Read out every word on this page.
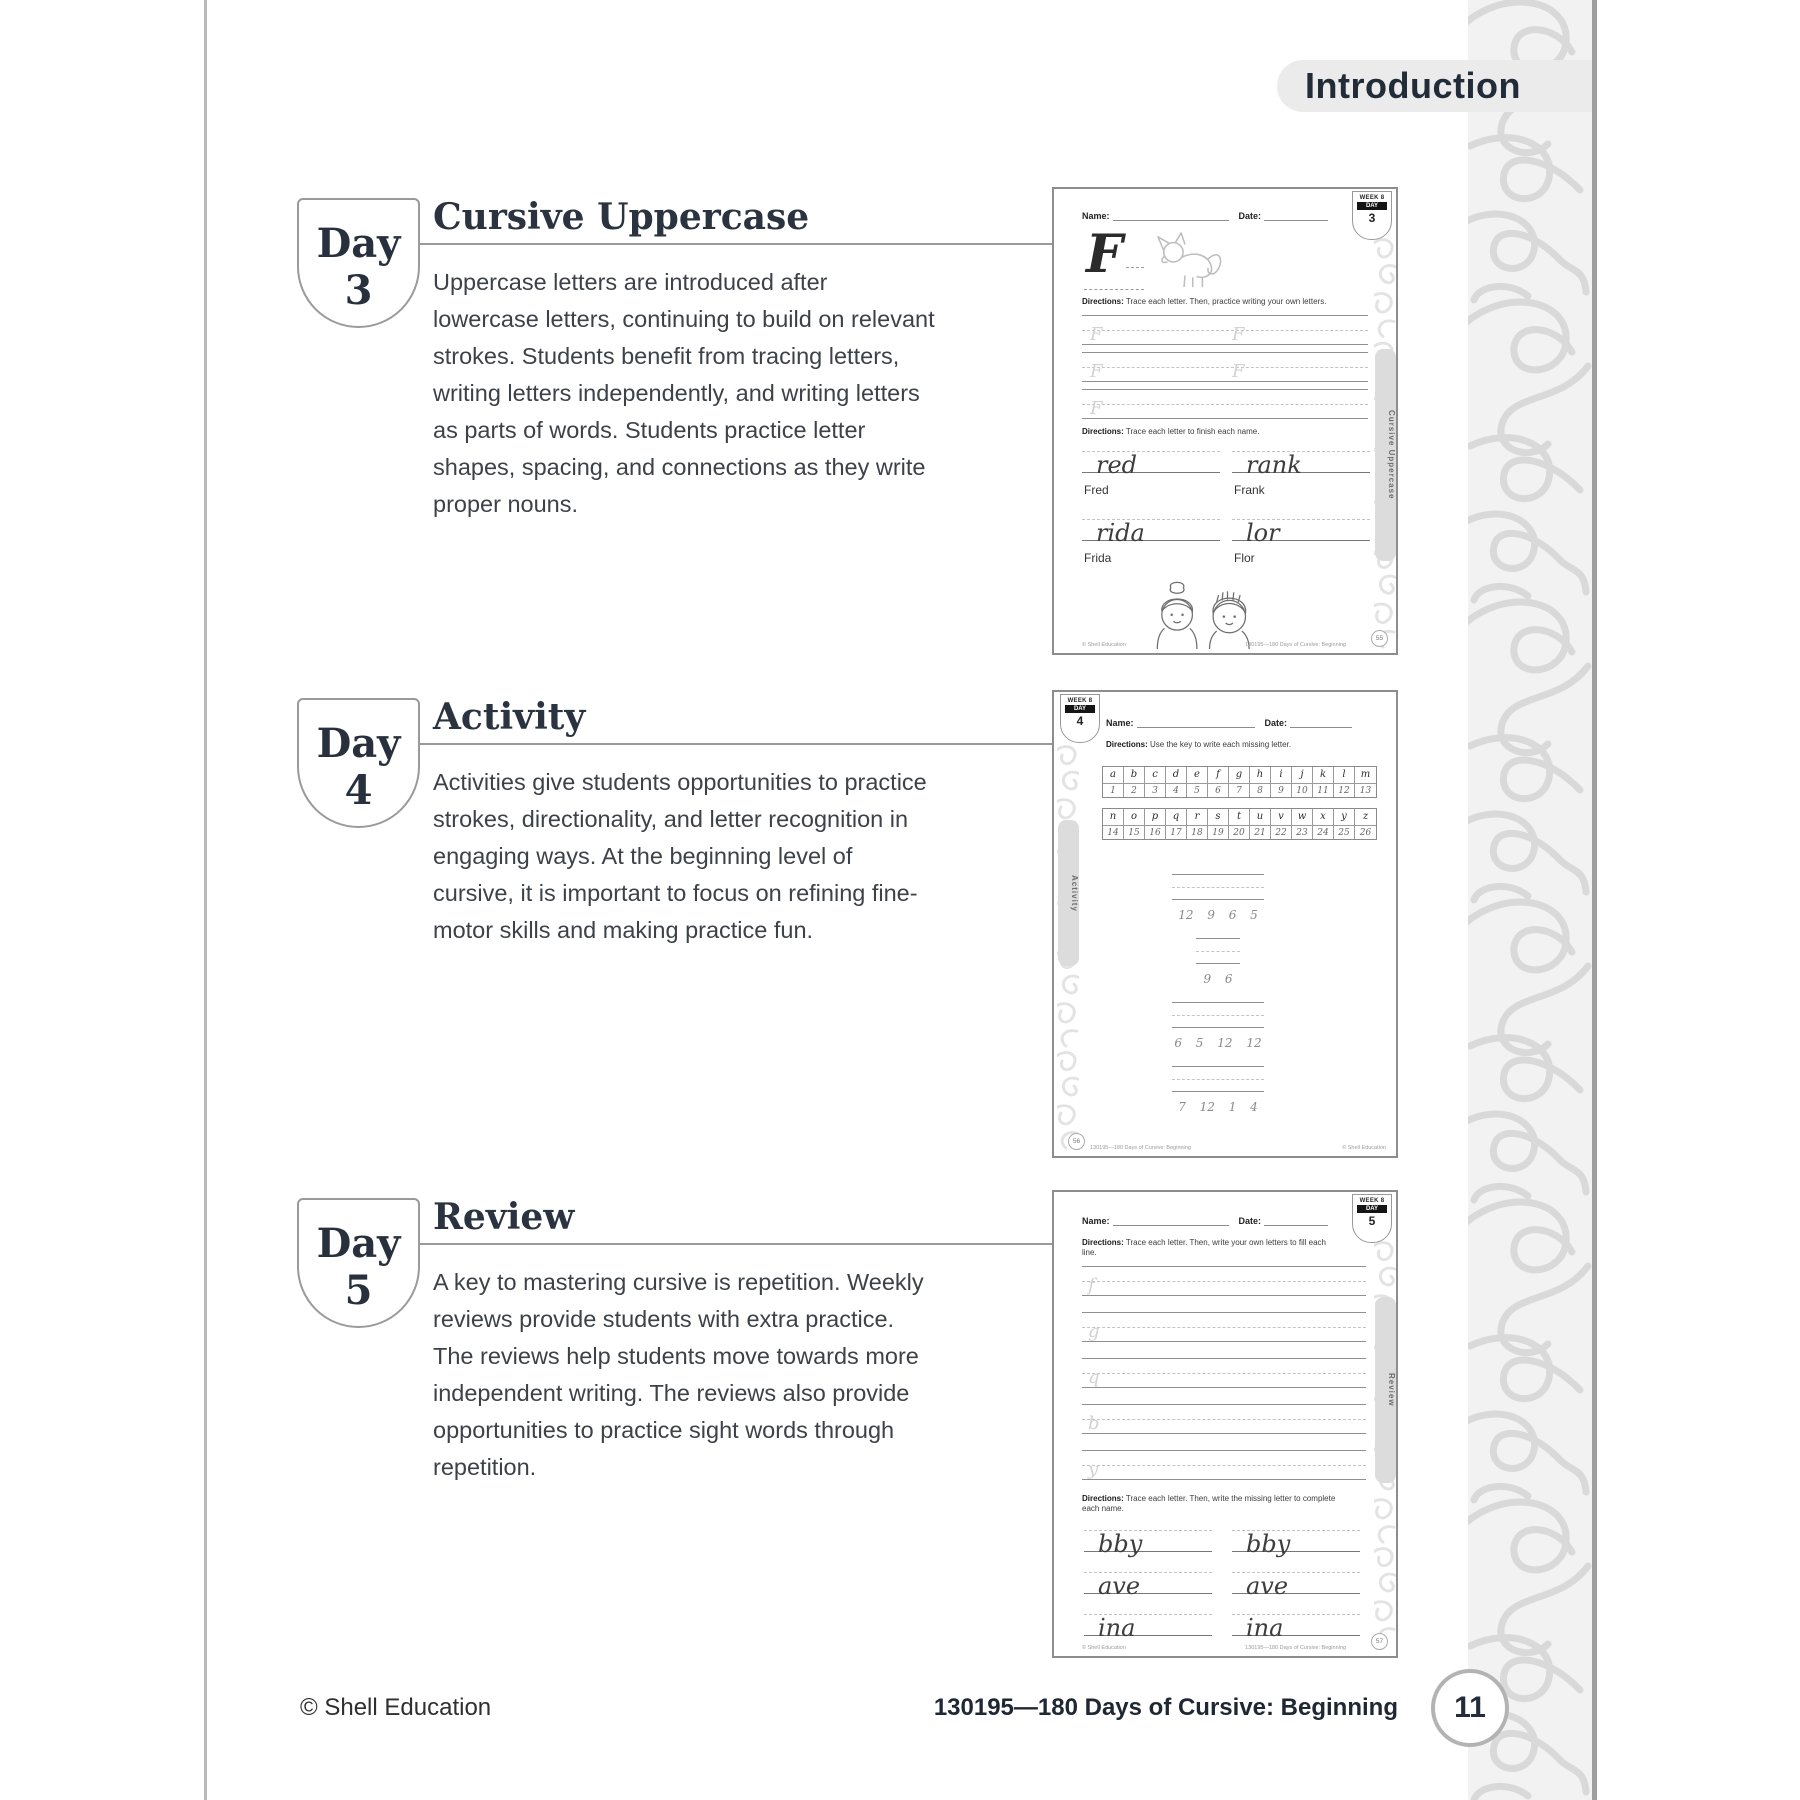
Introduction
Day 3
Cursive Uppercase
Uppercase letters are introduced after lowercase letters, continuing to build on relevant strokes. Students benefit from tracing letters, writing letters independently, and writing letters as parts of words. Students practice letter shapes, spacing, and connections as they write proper nouns.
WEEK 8
DAY
3
Name:	Date:
F
Directions: Trace each letter. Then, practice writing your own letters.
F	F
F	F
F
Directions: Trace each letter to finish each name.
red	rank
Fred	Frank
rida	lor
Frida	Flor
Cursive Uppercase
© Shell Education	130195—180 Days of Cursive: Beginning
55
Day 4
Activity
Activities give students opportunities to practice strokes, directionality, and letter recognition in engaging ways. At the beginning level of cursive, it is important to focus on refining fine-motor skills and making practice fun.
WEEK 8
DAY
4	Name:	Date:
Directions: Use the key to write each missing letter.
a	b	c	d	e	f	g	h	i	j	k	l	m
1	2	3	4	5	6	7	8	9	10	11	12	13
n	o	p	q	r	s	t	u	v	w	x	y	z
14	15	16	17	18	19	20	21	22	23	24	25	26
12 9 6 5
9 6
6 5 12 12
7 12 1 4
Activity
56
130195—180 Days of Cursive: Beginning	© Shell Education
Day 5
Review
A key to mastering cursive is repetition. Weekly reviews provide students with extra practice. The reviews help students move towards more independent writing. The reviews also provide opportunities to practice sight words through repetition.
WEEK 8
DAY
5
Name:	Date:
Directions: Trace each letter. Then, write your own letters to fill each line.
f
g
q
b
y
Directions: Trace each letter. Then, write the missing letter to complete each name.
bby	bby
ave	ave
ina	ina
Review
© Shell Education	130195—180 Days of Cursive: Beginning
57
© Shell Education	130195—180 Days of Cursive: Beginning	11
